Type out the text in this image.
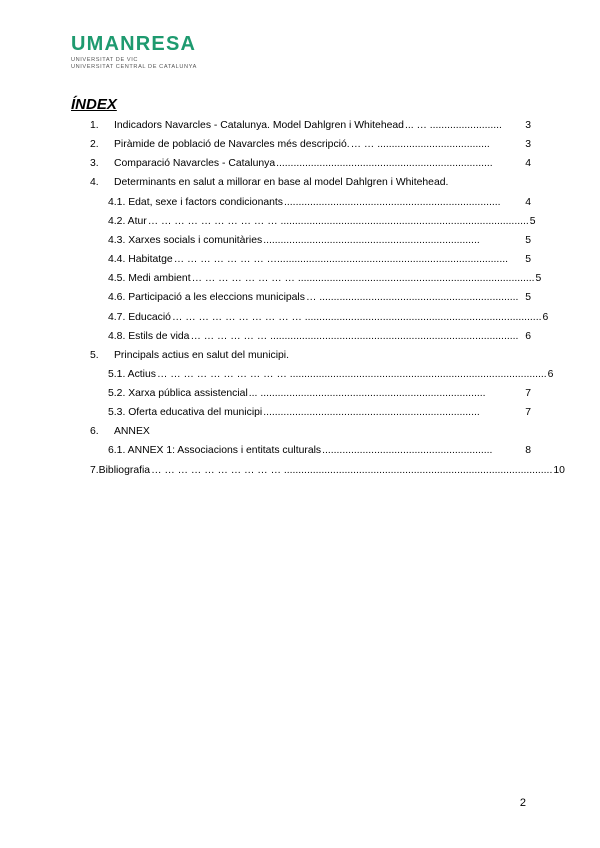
UMANRESA
UNIVERSITAT DE VIC
UNIVERSITAT CENTRAL DE CATALUNYA
ÍNDEX
1.	Indicadors Navarcles - Catalunya. Model Dahlgren i Whitehead ... … .........................	3
2.	Piràmide de població de Navarcles més descripció. … … .......................................	3
3.	Comparació Navarcles - Catalunya ...........................................................................	4
4.	Determinants en salut a millorar en base al model Dahlgren i Whitehead.
4.1. Edat, sexe i factors condicionants ...........................................................................	4
4.2. Atur … … … … … … … … … … ...................................................................................... 5
4.3. Xarxes socials i comunitàries ...........................................................................	5
4.4. Habitatge … … … … … … … …................................................................................	5
4.5. Medi ambient … … … … … … … … .................................................................................. 5
4.6. Participació a les eleccions municipals … ..................................................................... 5
4.7. Educació … … … … … … … … … … .................................................................................. 6
4.8. Estils de vida … … … … … … ...................................................................................... 6
5.	Principals actius en salut del municipi.
5.1. Actius … … … … … … … … … … ......................................................................................... 6
5.2. Xarxa pública assistencial ... ..............................................................................	7
5.3. Oferta educativa del municipi ...........................................................................	7
6.	ANNEX
6.1. ANNEX 1: Associacions i entitats culturals ...........................................................	8
7. Bibliografia … … … … … … … … … … ............................................................................................. 10
2
